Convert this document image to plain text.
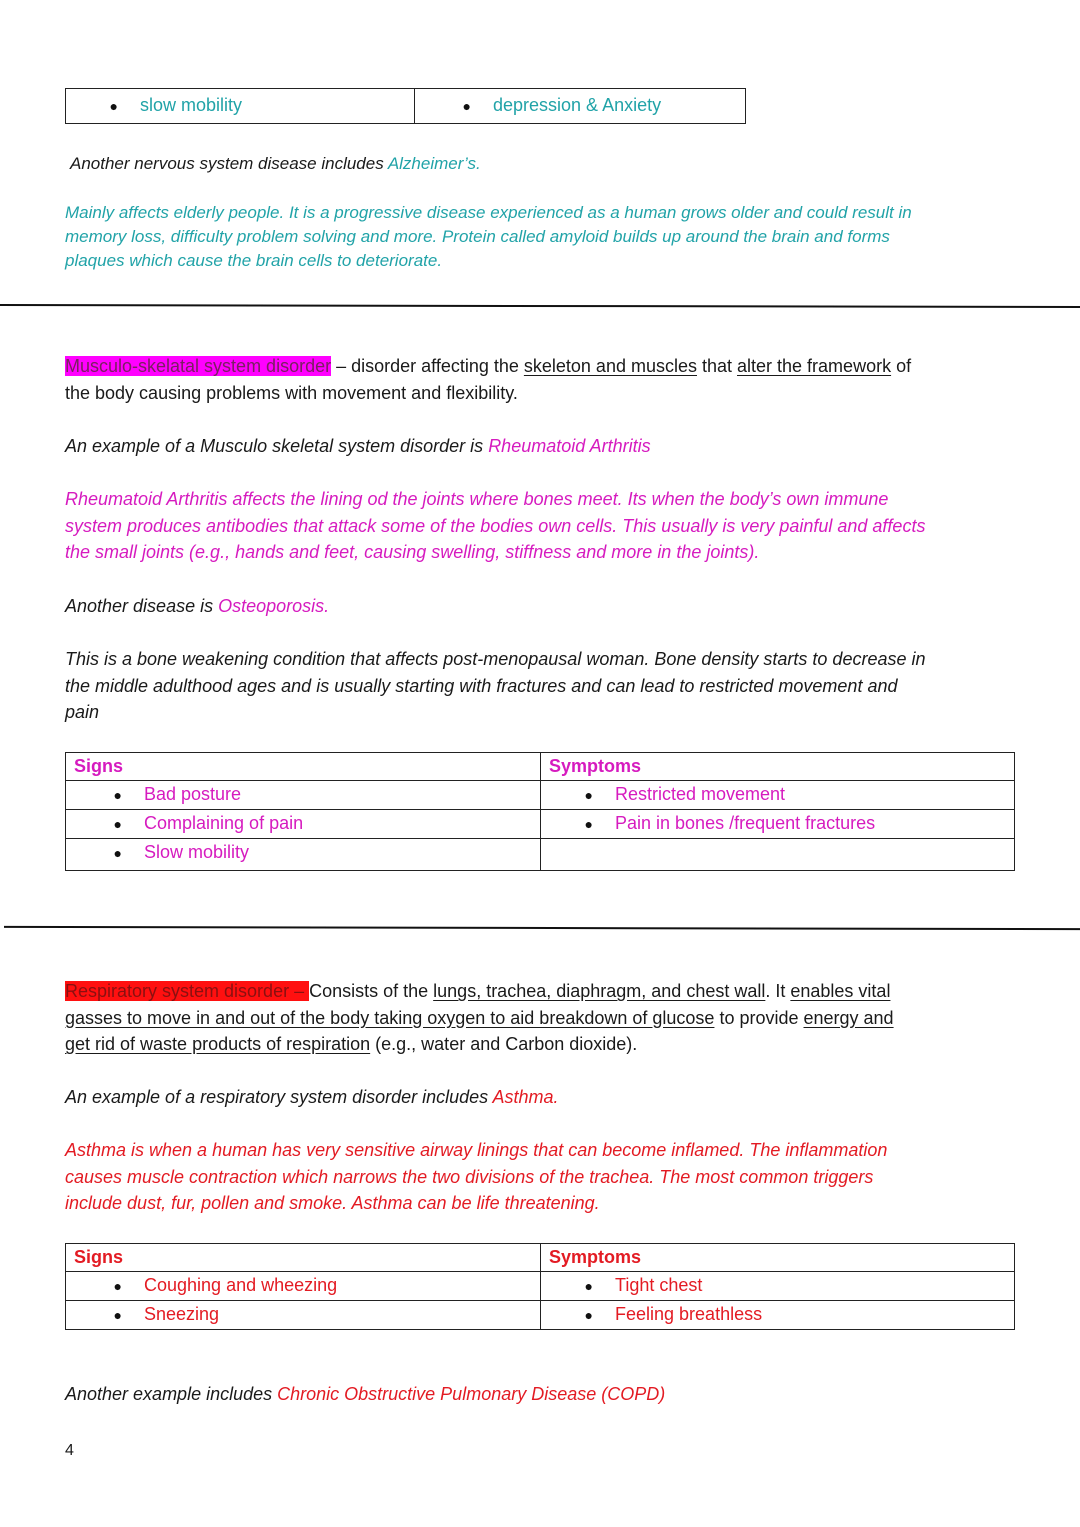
● slow mobility	● depression & Anxiety
Another nervous system disease includes Alzheimer’s.
Mainly affects elderly people. It is a progressive disease experienced as a human grows older and could result in
memory loss, difficulty problem solving and more. Protein called amyloid builds up around the brain and forms
plaques which cause the brain cells to deteriorate.
Musculo-skelatal system disorder – disorder affecting the skeleton and muscles that alter the framework of
the body causing problems with movement and flexibility.
An example of a Musculo skeletal system disorder is Rheumatoid Arthritis
Rheumatoid Arthritis affects the lining od the joints where bones meet. Its when the body’s own immune
system produces antibodies that attack some of the bodies own cells. This usually is very painful and affects
the small joints (e.g., hands and feet, causing swelling, stiffness and more in the joints).
Another disease is Osteoporosis.
This is a bone weakening condition that affects post-menopausal woman. Bone density starts to decrease in
the middle adulthood ages and is usually starting with fractures and can lead to restricted movement and
pain
Signs	Symptoms
● Bad posture	● Restricted movement
● Complaining of pain	● Pain in bones /frequent fractures
● Slow mobility	
Respiratory system disorder – Consists of the lungs, trachea, diaphragm, and chest wall. It enables vital
gasses to move in and out of the body taking oxygen to aid breakdown of glucose to provide energy and
get rid of waste products of respiration (e.g., water and Carbon dioxide).
An example of a respiratory system disorder includes Asthma.
Asthma is when a human has very sensitive airway linings that can become inflamed. The inflammation
causes muscle contraction which narrows the two divisions of the trachea. The most common triggers
include dust, fur, pollen and smoke. Asthma can be life threatening.
Signs	Symptoms
● Coughing and wheezing	● Tight chest
● Sneezing	● Feeling breathless
Another example includes Chronic Obstructive Pulmonary Disease (COPD)
4
